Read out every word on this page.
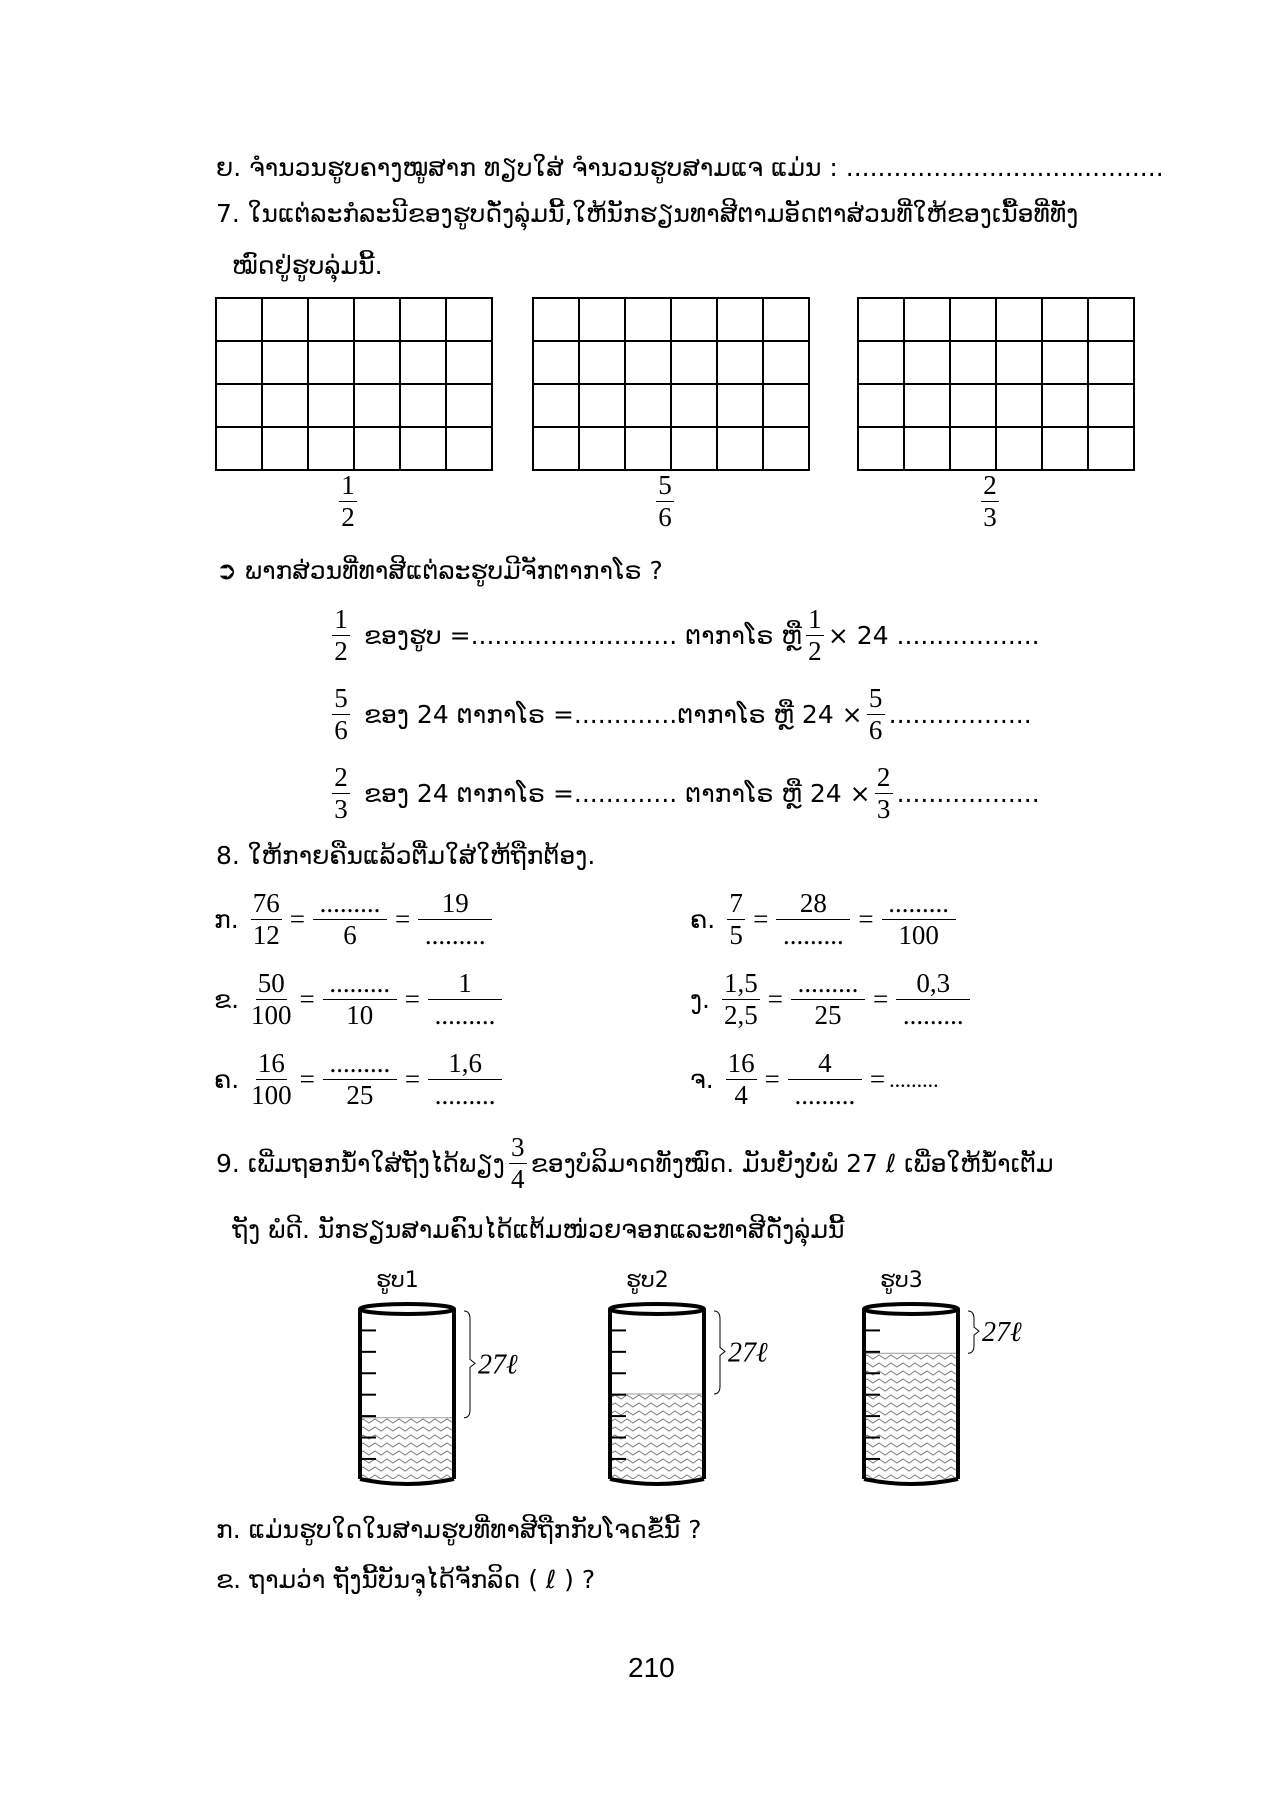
ຍ. ຈຳນວນຮູບຄາງໝູສາກ ທຽບໃສ່ ຈຳນວນຮູບສາມແຈ ແມ່ນ : ........................................
7. ໃນແຕ່ລະກໍລະນີຂອງຮູບດັ່ງລຸ່ມນີ້,ໃຫ້ນັກຮຽນທາສີຕາມອັດຕາສ່ວນທີ່ໃຫ້ຂອງເນື້ອທີ່ທັງ
ໝົດຢູ່ຮູບລຸ່ມນີ້.
$\frac{1}{2}$	$\frac{5}{6}$	$\frac{2}{3}$
➲ ພາກສ່ວນທີ່ທາສີແຕ່ລະຮູບມີຈັກຕາກາໂຣ ?
$\frac{1}{2}$ ຂອງຮູບ =.......................... ຕາກາໂຣ ຫຼື $\frac{1}{2} \times 24$ ..................
$\frac{5}{6}$ ຂອງ 24 ຕາກາໂຣ =.............ຕາກາໂຣ ຫຼື $24 \times \frac{5}{6}$ ..................
$\frac{2}{3}$ ຂອງ 24 ຕາກາໂຣ =............. ຕາກາໂຣ ຫຼື $24 \times \frac{2}{3}$ ..................
8. ໃຫ້ກາຍຄືນແລ້ວຕື່ມໃສ່ໃຫ້ຖືກຕ້ອງ.
ກ. $\frac{76}{12} = \frac{.........}{6} = \frac{19}{.........}$
ຂ. $\frac{50}{100} = \frac{.........}{10} = \frac{1}{.........}$
ຄ. $\frac{16}{100} = \frac{.........}{25} = \frac{1,6}{.........}$
ຄ. $\frac{7}{5} = \frac{28}{.........} = \frac{.........}{100}$
ງ. $\frac{1,5}{2,5} = \frac{.........}{25} = \frac{0,3}{.........}$
ຈ. $\frac{16}{4} = \frac{4}{.........}$ = .........
9. ເພີ່ມຖອກນ້ຳໃສ່ຖັງໄດ້ພຽງ $\frac{3}{4}$ ຂອງບໍລິມາດທັງໝົດ. ມັນຍັງບໍ່ພໍ 27 ℓ ເພື່ອໃຫ້ນ້ຳເຕັມ
ຖັງ ພໍດີ. ນັກຮຽນສາມຄົນໄດ້ແຕ້ມໜ່ວຍຈອກແລະທາສີດັ່ງລຸ່ມນີ້
27ℓ
ຮູບ1
27ℓ
ຮູບ2
27ℓ
ຮູບ3
ກ. ແມ່ນຮູບໃດໃນສາມຮູບທີ່ທາສີຖືກກັບໂຈດຂໍ້ນີ້ ?
ຂ. ຖາມວ່າ ຖັງນີ້ບັນຈຸໄດ້ຈັກລິດ ( ℓ ) ?
210
